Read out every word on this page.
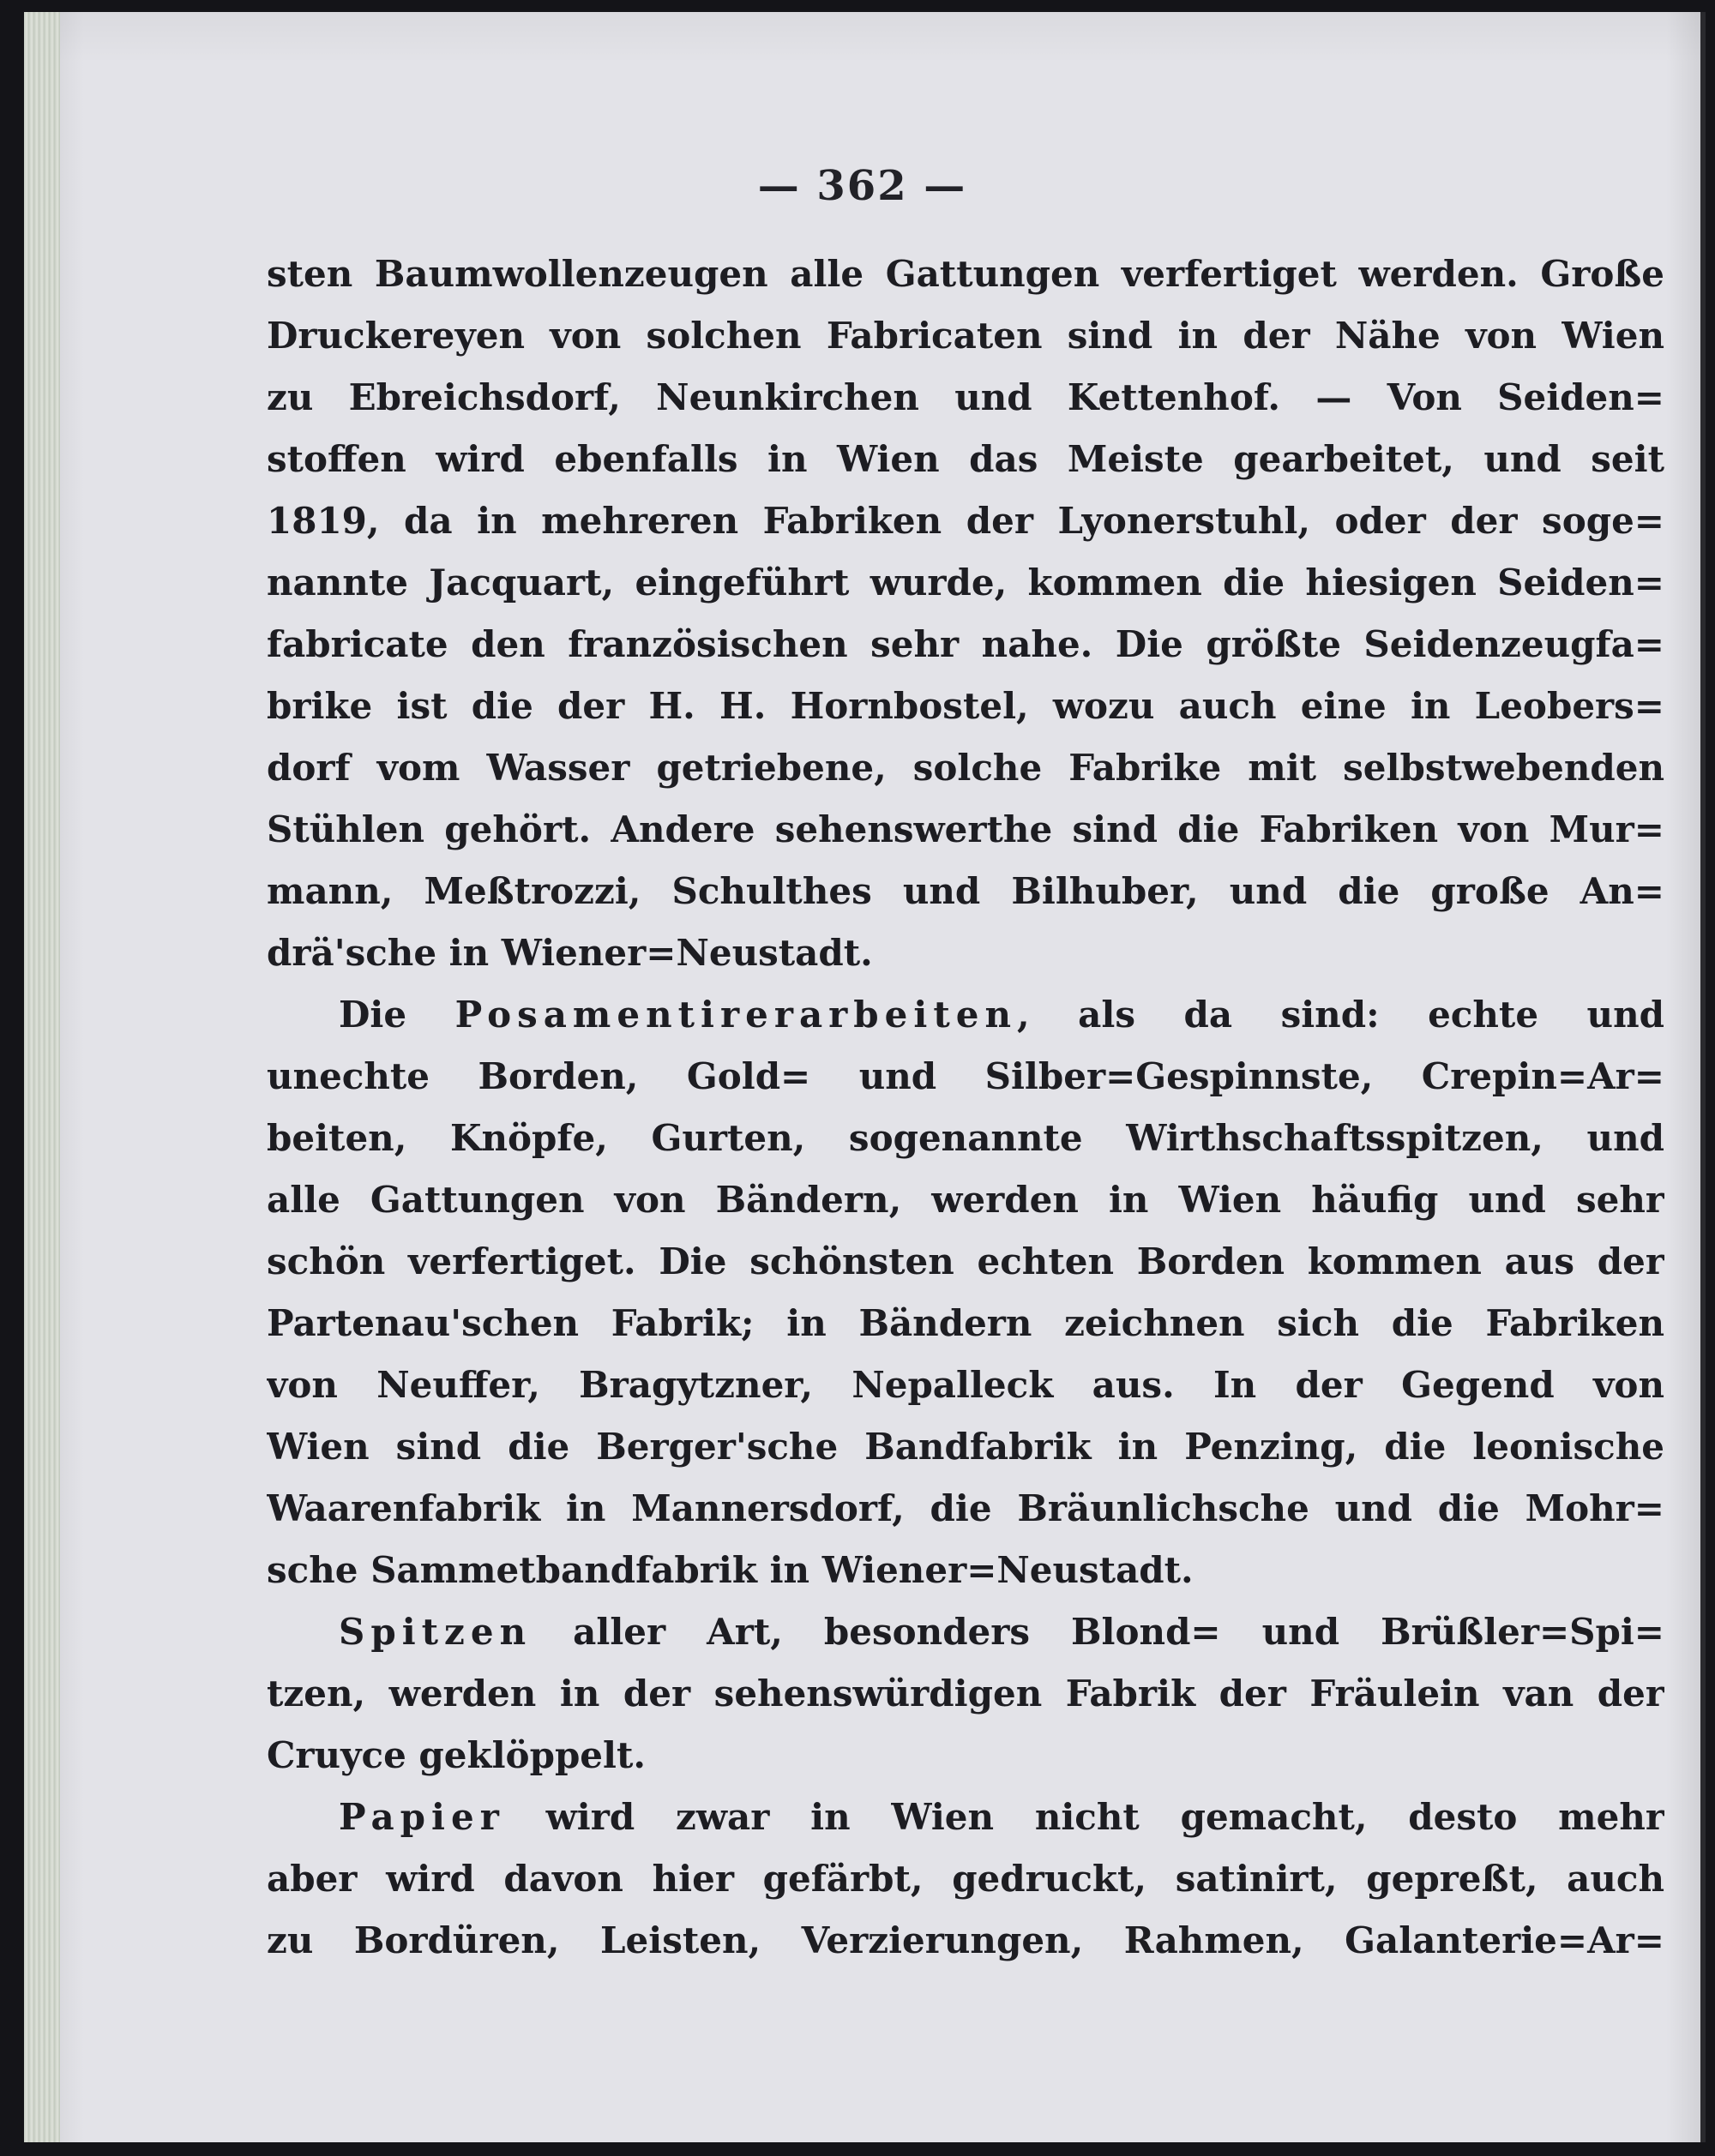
— 362 —
sten Baumwollenzeugen alle Gattungen verfertiget werden. Große
Druckereyen von solchen Fabricaten sind in der Nähe von Wien
zu Ebreichsdorf, Neunkirchen und Kettenhof. — Von Seiden=
stoffen wird ebenfalls in Wien das Meiste gearbeitet, und seit
1819, da in mehreren Fabriken der Lyonerstuhl, oder der soge=
nannte Jacquart, eingeführt wurde, kommen die hiesigen Seiden=
fabricate den französischen sehr nahe. Die größte Seidenzeugfa=
brike ist die der H. H. Hornbostel, wozu auch eine in Leobers=
dorf vom Wasser getriebene, solche Fabrike mit selbstwebenden
Stühlen gehört. Andere sehenswerthe sind die Fabriken von Mur=
mann, Meßtrozzi, Schulthes und Bilhuber, und die große An=
drä'sche in Wiener=Neustadt.
Die Posamentirerarbeiten, als da sind: echte und
unechte Borden, Gold= und Silber=Gespinnste, Crepin=Ar=
beiten, Knöpfe, Gurten, sogenannte Wirthschaftsspitzen, und
alle Gattungen von Bändern, werden in Wien häufig und sehr
schön verfertiget. Die schönsten echten Borden kommen aus der
Partenau'schen Fabrik; in Bändern zeichnen sich die Fabriken
von Neuffer, Bragytzner, Nepalleck aus. In der Gegend von
Wien sind die Berger'sche Bandfabrik in Penzing, die leonische
Waarenfabrik in Mannersdorf, die Bräunlichsche und die Mohr=
sche Sammetbandfabrik in Wiener=Neustadt.
Spitzen aller Art, besonders Blond= und Brüßler=Spi=
tzen, werden in der sehenswürdigen Fabrik der Fräulein van der
Cruyce geklöppelt.
Papier wird zwar in Wien nicht gemacht, desto mehr
aber wird davon hier gefärbt, gedruckt, satinirt, gepreßt, auch
zu Bordüren, Leisten, Verzierungen, Rahmen, Galanterie=Ar=
